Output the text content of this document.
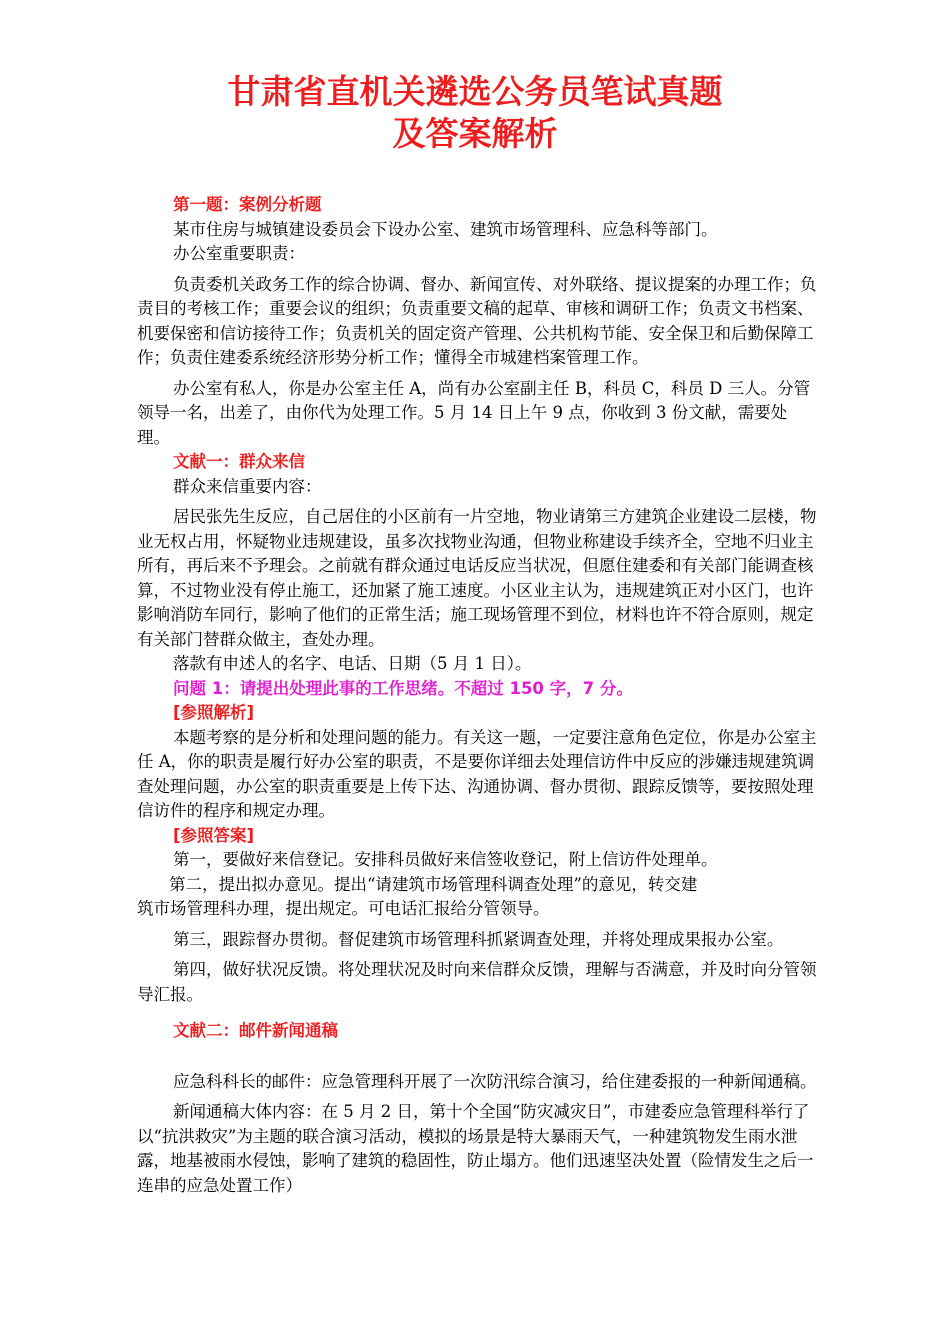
甘肃省直机关遴选公务员笔试真题
及答案解析

第一题：案例分析题

某市住房与城镇建设委员会下设办公室、建筑市场管理科、应急科等部门。

办公室重要职责：

负责委机关政务工作的综合协调、督办、新闻宣传、对外联络、提议提案的办理工作；负责目的考核工作；重要会议的组织；负责重要文稿的起草、审核和调研工作；负责文书档案、机要保密和信访接待工作；负责机关的固定资产管理、公共机构节能、安全保卫和后勤保障工作；负责住建委系统经济形势分析工作；懂得全市城建档案管理工作。

办公室有私人，你是办公室主任 A，尚有办公室副主任 B，科员 C，科员 D 三人。分管领导一名，出差了，由你代为处理工作。5 月 14 日上午 9 点，你收到 3 份文献，需要处理。

文献一：群众来信

群众来信重要内容：

居民张先生反应，自己居住的小区前有一片空地，物业请第三方建筑企业建设二层楼，物业无权占用，怀疑物业违规建设，虽多次找物业沟通，但物业称建设手续齐全，空地不归业主所有，再后来不予理会。之前就有群众通过电话反应当状况，但愿住建委和有关部门能调查核算，不过物业没有停止施工，还加紧了施工速度。小区业主认为，违规建筑正对小区门，也许影响消防车同行，影响了他们的正常生活；施工现场管理不到位，材料也许不符合原则，规定有关部门替群众做主，查处办理。

落款有申述人的名字、电话、日期（5 月 1 日）。

问题 1：请提出处理此事的工作思绪。不超过 150 字，7 分。

[参照解析]

本题考察的是分析和处理问题的能力。有关这一题，一定要注意角色定位，你是办公室主任 A，你的职责是履行好办公室的职责，不是要你详细去处理信访件中反应的涉嫌违规建筑调查处理问题，办公室的职责重要是上传下达、沟通协调、督办贯彻、跟踪反馈等，要按照处理信访件的程序和规定办理。

[参照答案]

第一，要做好来信登记。安排科员做好来信签收登记，附上信访件处理单。

第二，提出拟办意见。提出“请建筑市场管理科调查处理”的意见，转交建

筑市场管理科办理，提出规定。可电话汇报给分管领导。

第三，跟踪督办贯彻。督促建筑市场管理科抓紧调查处理，并将处理成果报办公室。

第四，做好状况反馈。将处理状况及时向来信群众反馈，理解与否满意，并及时向分管领导汇报。

文献二：邮件新闻通稿

应急科科长的邮件：应急管理科开展了一次防汛综合演习，给住建委报的一种新闻通稿。

新闻通稿大体内容：在 5 月 2 日，第十个全国“防灾减灾日”，市建委应急管理科举行了以“抗洪救灾”为主题的联合演习活动，模拟的场景是特大暴雨天气，一种建筑物发生雨水泄露，地基被雨水侵蚀，影响了建筑的稳固性，防止塌方。他们迅速坚决处置（险情发生之后一连串的应急处置工作）
